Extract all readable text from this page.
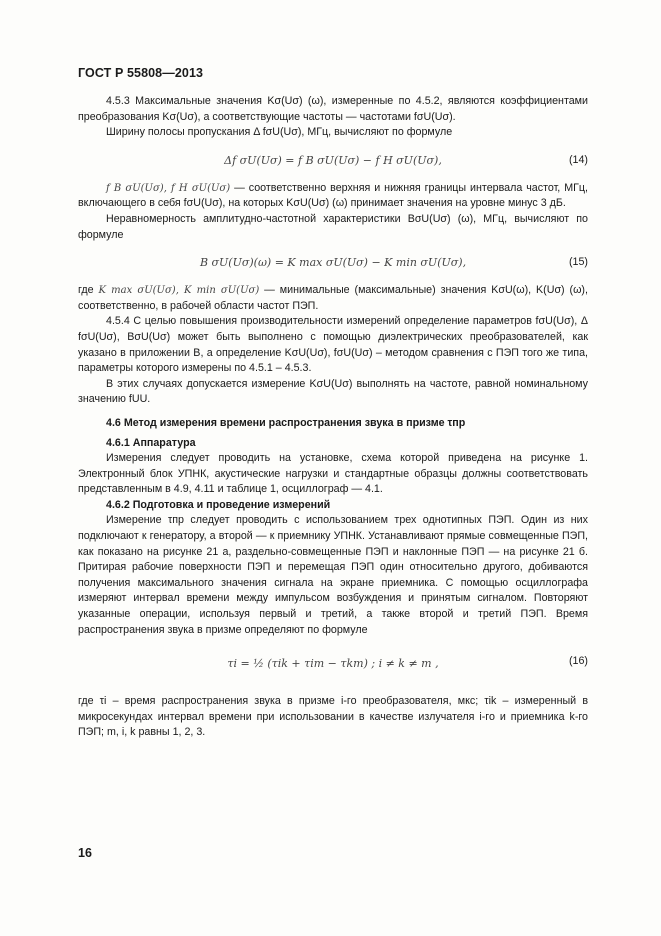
ГОСТ Р 55808—2013

4.5.3 Максимальные значения Kσ(Uσ) (ω), измеренные по 4.5.2, являются коэффициентами преобразования Kσ(Uσ), а соответствующие частоты — частотами fσU(Uσ).

Ширину полосы пропускания Δ fσU(Uσ), МГц, вычисляют по формуле

Δf σU(Uσ) = f В σU(Uσ) − f Н σU(Uσ),	(14)

f В σU(Uσ), f Н σU(Uσ) — соответственно верхняя и нижняя границы интервала частот, МГц, включающего в себя fσU(Uσ), на которых KσU(Uσ) (ω) принимает значения на уровне минус 3 дБ.

Неравномерность амплитудно-частотной характеристики BσU(Uσ) (ω), МГц, вычисляют по формуле

B σU(Uσ)(ω) = K max σU(Uσ) − K min σU(Uσ),	(15)

где K max σU(Uσ), K min σU(Uσ) — минимальные (максимальные) значения KσU(ω), K(Uσ) (ω), соответственно, в рабочей области частот ПЭП.

4.5.4 С целью повышения производительности измерений определение параметров fσU(Uσ), Δ fσU(Uσ), BσU(Uσ) может быть выполнено с помощью диэлектрических преобразователей, как указано в приложении В, а определение KσU(Uσ), fσU(Uσ) – методом сравнения с ПЭП того же типа, параметры которого измерены по 4.5.1 – 4.5.3.

В этих случаях допускается измерение KσU(Uσ) выполнять на частоте, равной номинальному значению fUU.

4.6 Метод измерения времени распространения звука в призме τпр

4.6.1 Аппаратура

Измерения следует проводить на установке, схема которой приведена на рисунке 1. Электронный блок УПНК, акустические нагрузки и стандартные образцы должны соответствовать представленным в 4.9, 4.11 и таблице 1, осциллограф — 4.1.

4.6.2 Подготовка и проведение измерений

Измерение τпр следует проводить с использованием трех однотипных ПЭП. Один из них подключают к генератору, а второй — к приемнику УПНК. Устанавливают прямые совмещенные ПЭП, как показано на рисунке 21 а, раздельно-совмещенные ПЭП и наклонные ПЭП — на рисунке 21 б. Притирая рабочие поверхности ПЭП и перемещая ПЭП один относительно другого, добиваются получения максимального значения сигнала на экране приемника. С помощью осциллографа измеряют интервал времени между импульсом возбуждения и принятым сигналом. Повторяют указанные операции, используя первый и третий, а также второй и третий ПЭП. Время распространения звука в призме определяют по формуле

τi = ½ (τik + τim − τkm) ; i ≠ k ≠ m ,	(16)

где τi – время распространения звука в призме i-го преобразователя, мкс; τik – измеренный в микросекундах интервал времени при использовании в качестве излучателя i-го и приемника k-го ПЭП; m, i, k равны 1, 2, 3.

16
